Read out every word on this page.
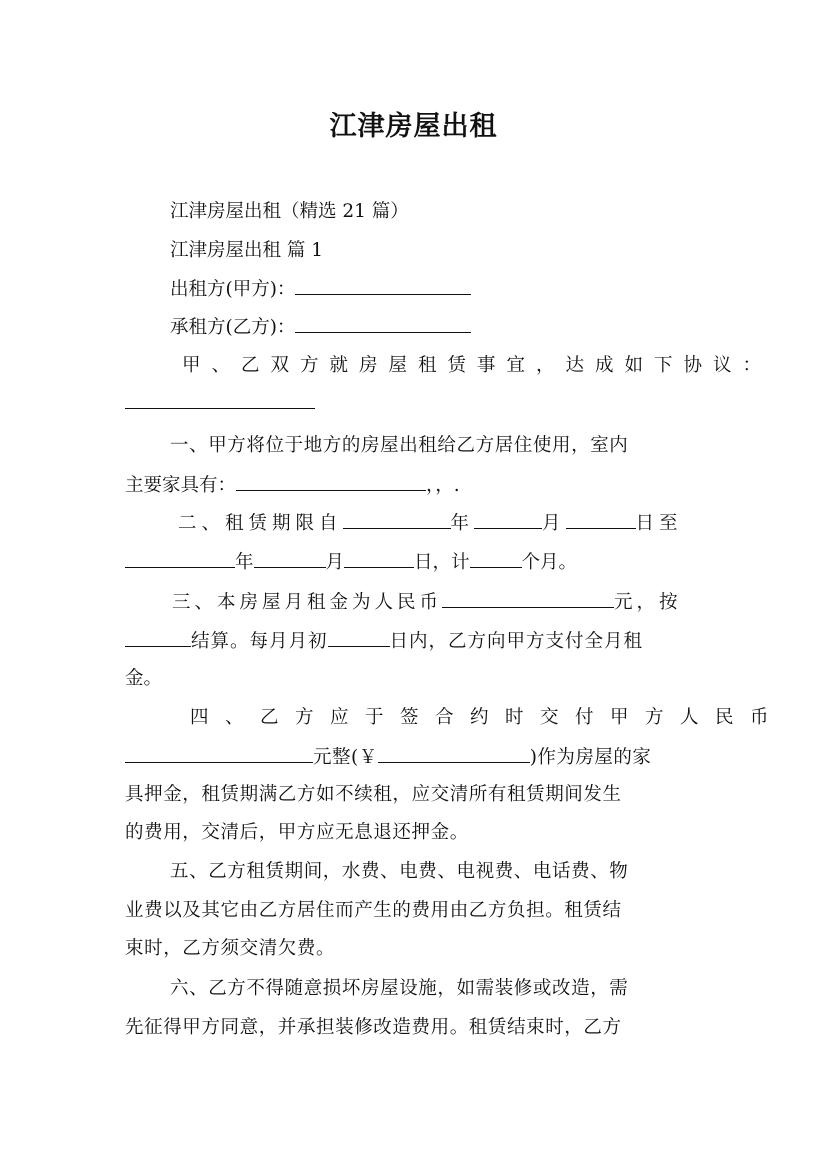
江津房屋出租
江津房屋出租（精选 21 篇）
江津房屋出租 篇 1
出租方(甲方)：
承租方(乙方)：
甲、乙双方就房屋租赁事宜，达成如下协议：
一、甲方将位于地方的房屋出租给乙方居住使用，室内
主要家具有：	，，.
二、租赁期限自	年	月	日至
年	月	日，计	个月。
三、本房屋月租金为人民币	元，按
结算。每月月初	日内，乙方向甲方支付全月租
金。
四、乙方应于签合约时交付甲方人民币
元整(￥	)作为房屋的家
具押金，租赁期满乙方如不续租，应交清所有租赁期间发生
的费用，交清后，甲方应无息退还押金。
五、乙方租赁期间，水费、电费、电视费、电话费、物
业费以及其它由乙方居住而产生的费用由乙方负担。租赁结
束时，乙方须交清欠费。
六、乙方不得随意损坏房屋设施，如需装修或改造，需
先征得甲方同意，并承担装修改造费用。租赁结束时，乙方
